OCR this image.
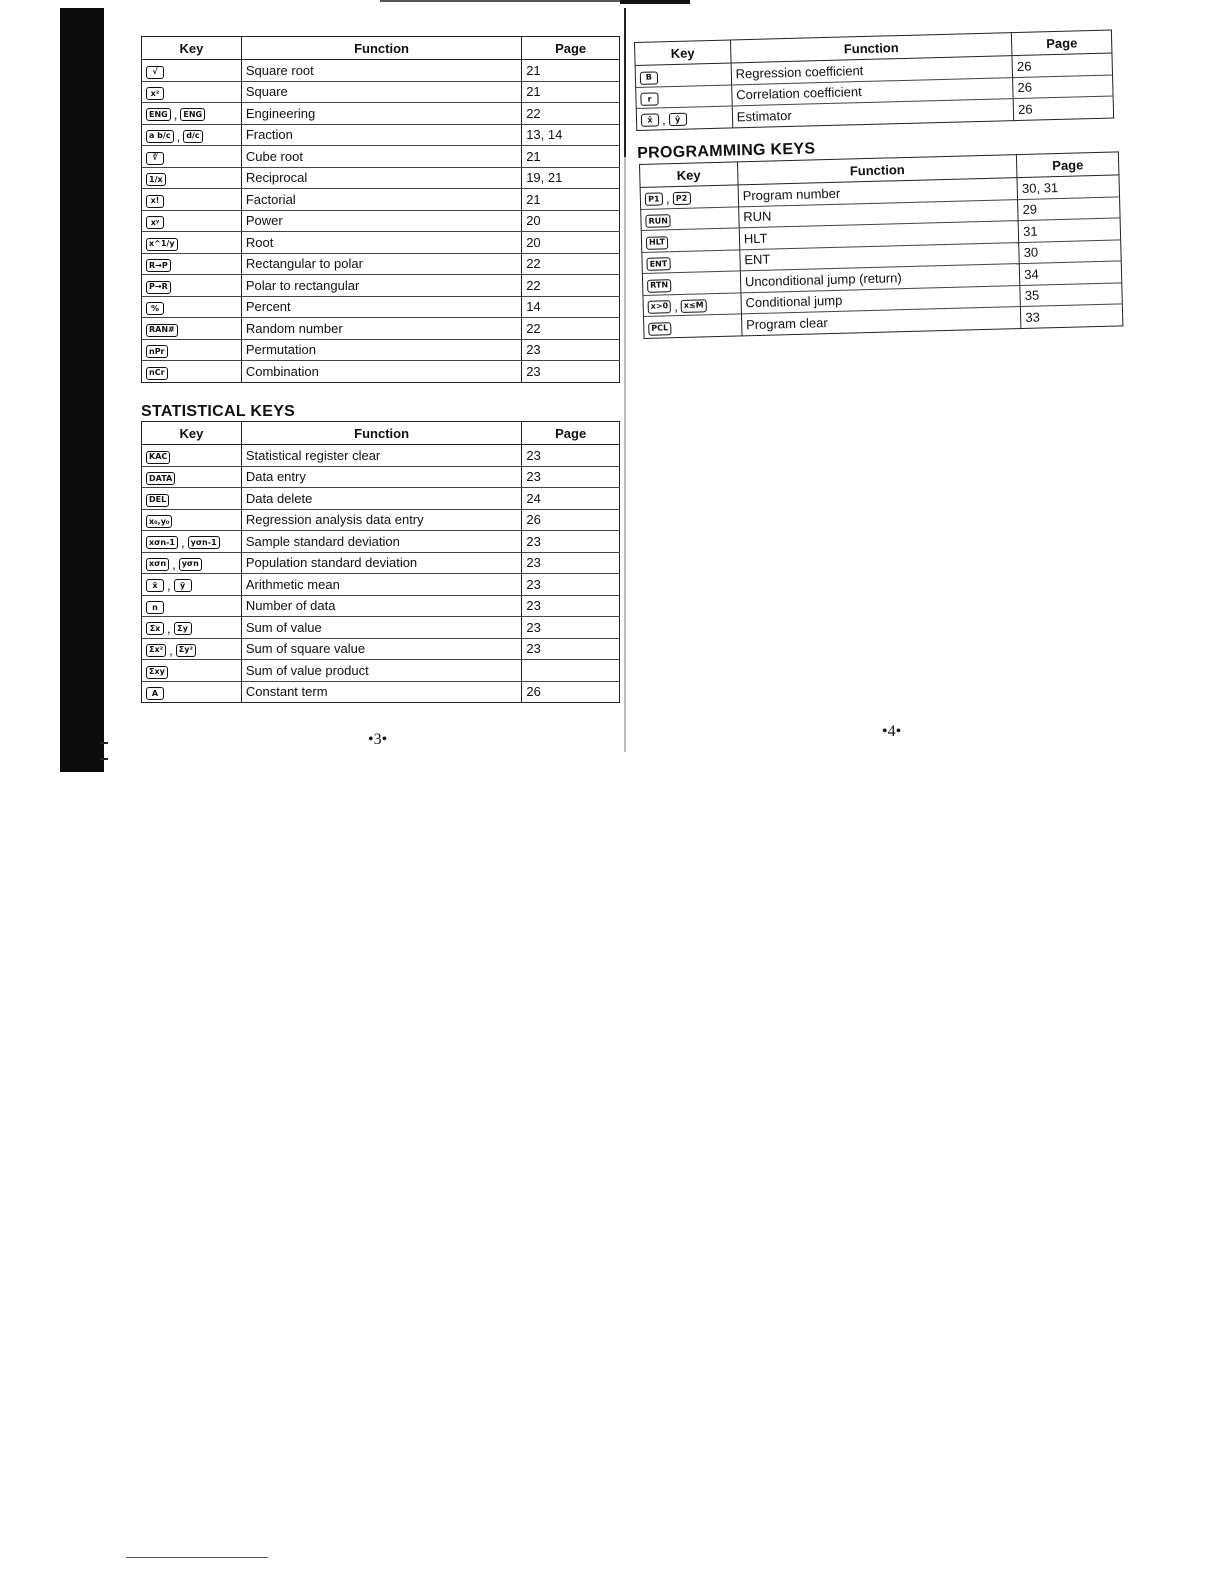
Key	Function	Page

√	Square root	21

x²	Square	21

ENG , ENG	Engineering	22

a b/c , d/c	Fraction	13, 14

∛	Cube root	21

1/x	Reciprocal	19, 21

x!	Factorial	21

xʸ	Power	20

x^1/y	Root	20

R→P	Rectangular to polar	22

P→R	Polar to rectangular	22

%	Percent	14

RAN#	Random number	22

nPr	Permutation	23

nCr	Combination	23
STATISTICAL KEYS
Key	Function	Page

KAC	Statistical register clear	23

DATA	Data entry	23

DEL	Data delete	24

x₀,y₀	Regression analysis data entry	26

xσn-1 , yσn-1	Sample standard deviation	23

xσn , yσn	Population standard deviation	23

x̄ , ȳ	Arithmetic mean	23

n	Number of data	23

Σx , Σy	Sum of value	23

Σx² , Σy²	Sum of square value	23

Σxy	Sum of value product	

A	Constant term	26
•3•
Key	Function	Page

B	Regression coefficient	26

r	Correlation coefficient	26

x̂ , ŷ	Estimator	26
PROGRAMMING KEYS
Key	Function	Page

P1 , P2	Program number	30, 31

RUN	RUN	29

HLT	HLT	31

ENT	ENT	30

RTN	Unconditional jump (return)	34

x>0 , x≤M	Conditional jump	35

PCL	Program clear	33
•4•
